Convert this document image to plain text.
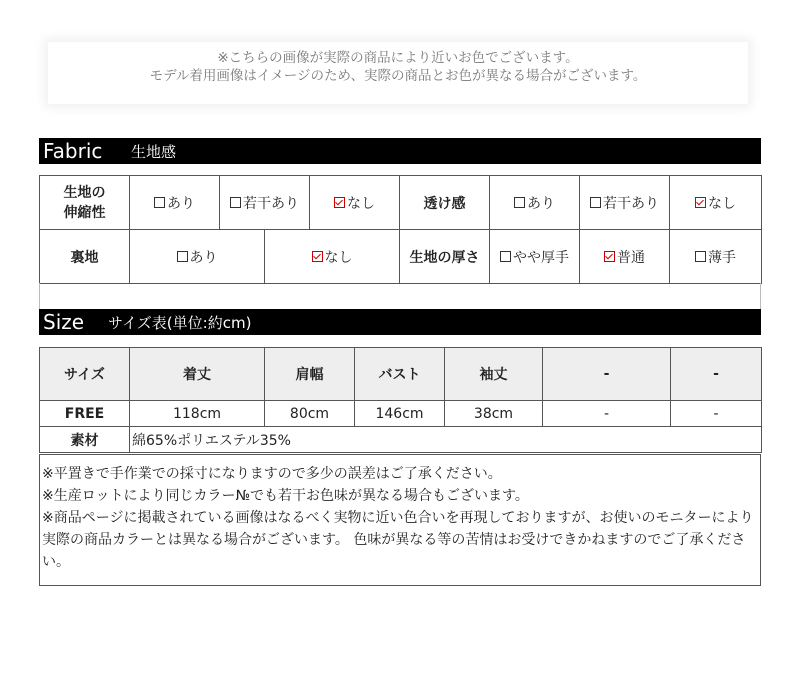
※こちらの画像が実際の商品により近いお色でございます。
モデル着用画像はイメージのため、実際の商品とお色が異なる場合がございます。
Fabric 生地感
生地の
伸縮性	あり	若干あり	なし	透け感	あり	若干あり	なし
裏地	あり	なし	生地の厚さ	やや厚手	普通	薄手
Size サイズ表(単位:約cm)
サイズ	着丈	肩幅	バスト	袖丈	-	-
FREE	118cm	80cm	146cm	38cm	-	-
素材	綿65%ポリエステル35%					
※平置きで手作業での採寸になりますので多少の誤差はご了承ください。
※生産ロットにより同じカラー№でも若干お色味が異なる場合もございます。
※商品ページに掲載されている画像はなるべく実物に近い色合いを再現しておりますが、お使いのモニターにより実際の商品カラーとは異なる場合がございます。 色味が異なる等の苦情はお受けできかねますのでご了承ください。
